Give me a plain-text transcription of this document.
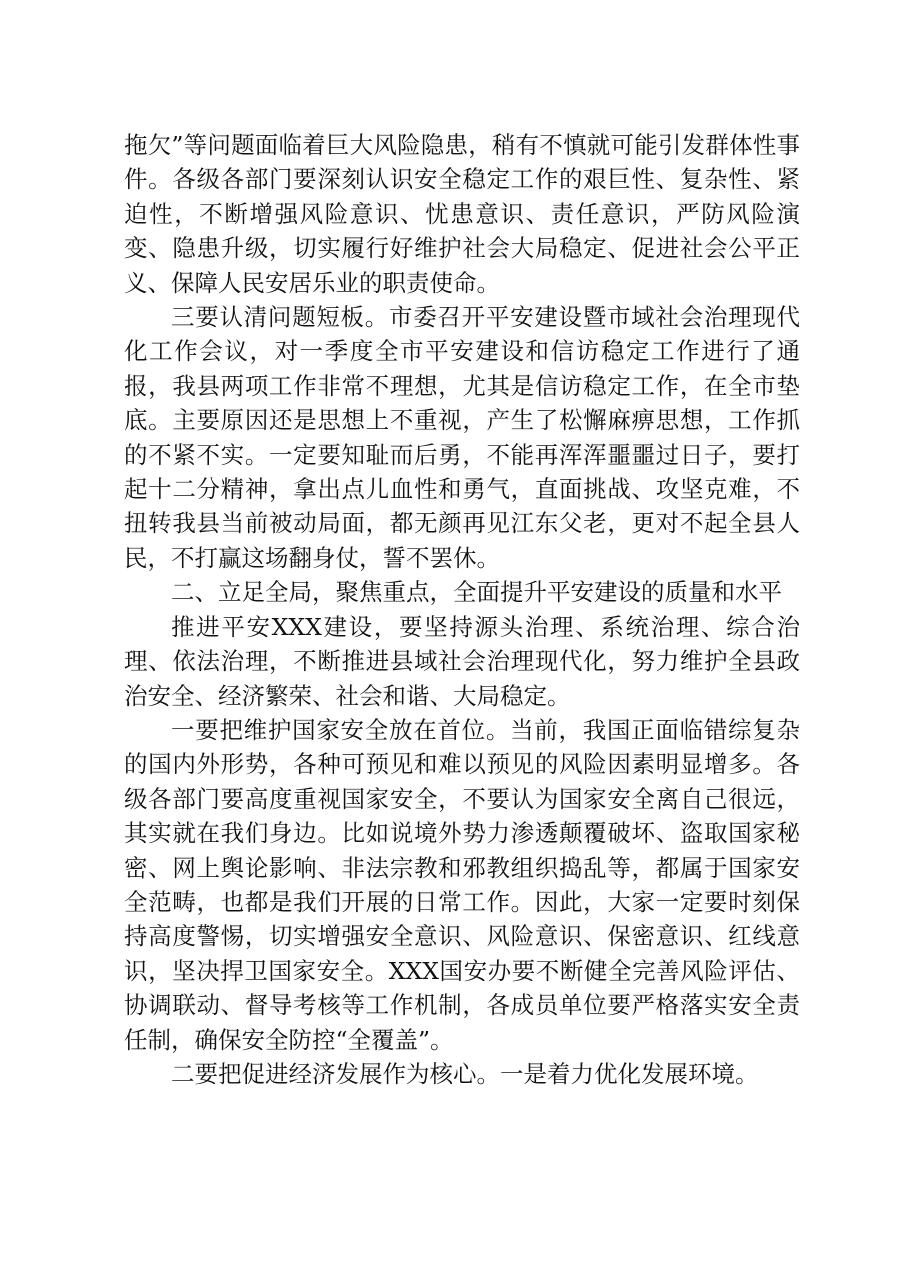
拖欠”等问题面临着巨大风险隐患，稍有不慎就可能引发群体性事件。各级各部门要深刻认识安全稳定工作的艰巨性、复杂性、紧迫性，不断增强风险意识、忧患意识、责任意识，严防风险演变、隐患升级，切实履行好维护社会大局稳定、促进社会公平正义、保障人民安居乐业的职责使命。

三要认清问题短板。市委召开平安建设暨市域社会治理现代化工作会议，对一季度全市平安建设和信访稳定工作进行了通报，我县两项工作非常不理想，尤其是信访稳定工作，在全市垫底。主要原因还是思想上不重视，产生了松懈麻痹思想，工作抓的不紧不实。一定要知耻而后勇，不能再浑浑噩噩过日子，要打起十二分精神，拿出点儿血性和勇气，直面挑战、攻坚克难，不扭转我县当前被动局面，都无颜再见江东父老，更对不起全县人民，不打赢这场翻身仗，誓不罢休。

二、立足全局，聚焦重点，全面提升平安建设的质量和水平

推进平安XXX建设，要坚持源头治理、系统治理、综合治理、依法治理，不断推进县域社会治理现代化，努力维护全县政治安全、经济繁荣、社会和谐、大局稳定。

一要把维护国家安全放在首位。当前，我国正面临错综复杂的国内外形势，各种可预见和难以预见的风险因素明显增多。各级各部门要高度重视国家安全，不要认为国家安全离自己很远，其实就在我们身边。比如说境外势力渗透颠覆破坏、盗取国家秘密、网上舆论影响、非法宗教和邪教组织捣乱等，都属于国家安全范畴，也都是我们开展的日常工作。因此，大家一定要时刻保持高度警惕，切实增强安全意识、风险意识、保密意识、红线意识，坚决捍卫国家安全。XXX国安办要不断健全完善风险评估、协调联动、督导考核等工作机制，各成员单位要严格落实安全责任制，确保安全防控“全覆盖”。

二要把促进经济发展作为核心。一是着力优化发展环境。
